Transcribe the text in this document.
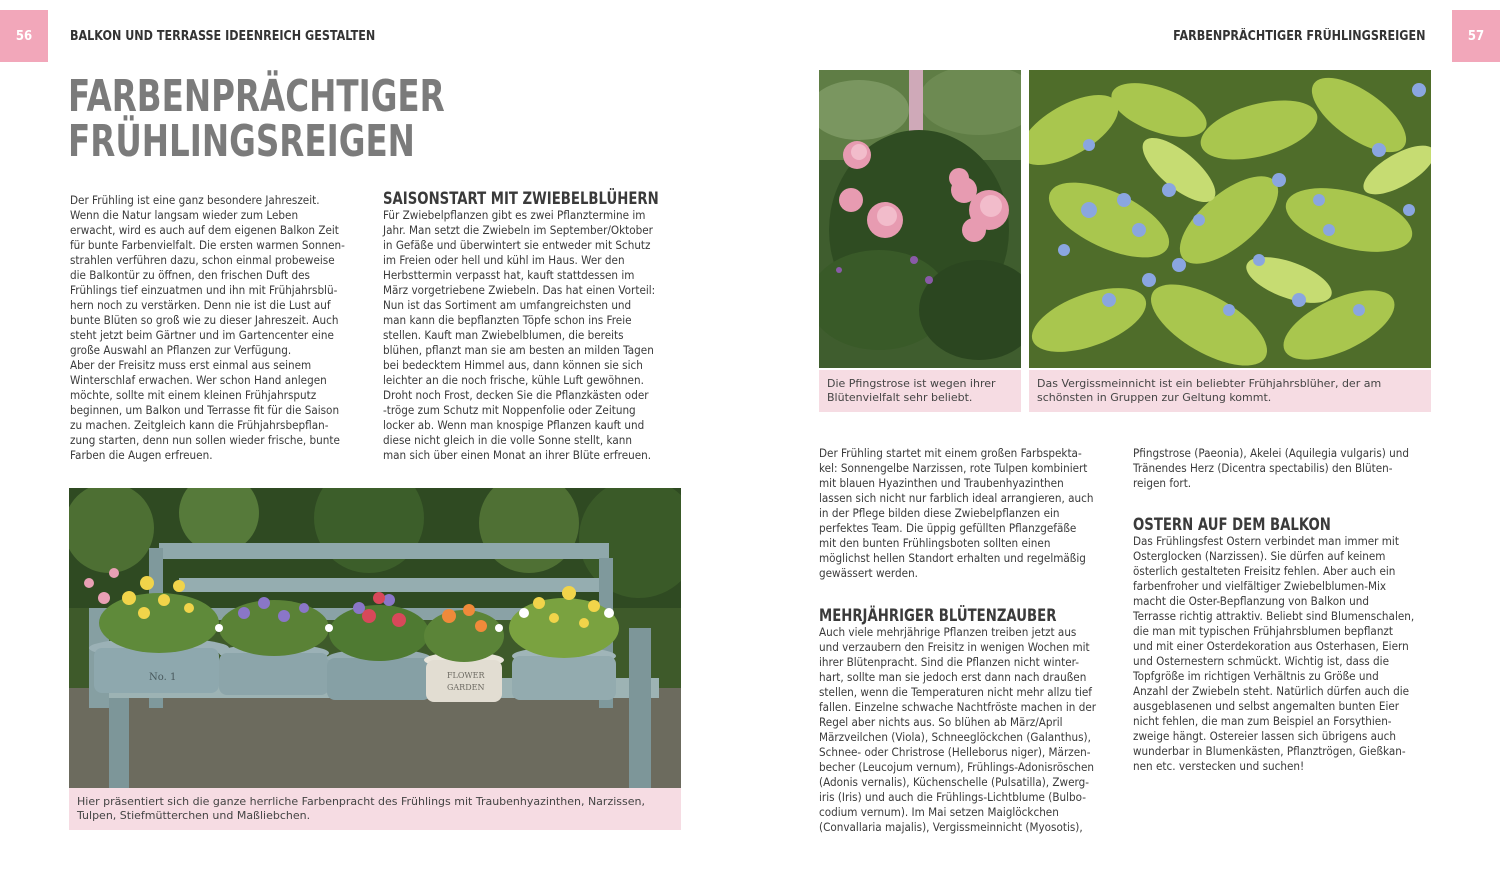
56	BALKON UND TERRASSE IDEENREICH GESTALTEN
FARBENPRÄCHTIGER
FRÜHLINGSREIGEN
Der Frühling ist eine ganz besondere Jahreszeit.
Wenn die Natur langsam wieder zum Leben
erwacht, wird es auch auf dem eigenen Balkon Zeit
für bunte Farbenvielfalt. Die ersten warmen Sonnen-
strahlen verführen dazu, schon einmal probeweise
die Balkontür zu öffnen, den frischen Duft des
Frühlings tief einzuatmen und ihn mit Frühjahrsblü-
hern noch zu verstärken. Denn nie ist die Lust auf
bunte Blüten so groß wie zu dieser Jahreszeit. Auch
steht jetzt beim Gärtner und im Gartencenter eine
große Auswahl an Pflanzen zur Verfügung.
Aber der Freisitz muss erst einmal aus seinem
Winterschlaf erwachen. Wer schon Hand anlegen
möchte, sollte mit einem kleinen Frühjahrsputz
beginnen, um Balkon und Terrasse fit für die Saison
zu machen. Zeitgleich kann die Frühjahrsbepflan-
zung starten, denn nun sollen wieder frische, bunte
Farben die Augen erfreuen.
SAISONSTART MIT ZWIEBELBLÜHERN
Für Zwiebelpflanzen gibt es zwei Pflanztermine im
Jahr. Man setzt die Zwiebeln im September/Oktober
in Gefäße und überwintert sie entweder mit Schutz
im Freien oder hell und kühl im Haus. Wer den
Herbsttermin verpasst hat, kauft stattdessen im
März vorgetriebene Zwiebeln. Das hat einen Vorteil:
Nun ist das Sortiment am umfangreichsten und
man kann die bepflanzten Töpfe schon ins Freie
stellen. Kauft man Zwiebelblumen, die bereits
blühen, pflanzt man sie am besten an milden Tagen
bei bedecktem Himmel aus, dann können sie sich
leichter an die noch frische, kühle Luft gewöhnen.
Droht noch Frost, decken Sie die Pflanzkästen oder
-tröge zum Schutz mit Noppenfolie oder Zeitung
locker ab. Wenn man knospige Pflanzen kauft und
diese nicht gleich in die volle Sonne stellt, kann
man sich über einen Monat an ihrer Blüte erfreuen.
No. 1	FLOWER
GARDEN
Hier präsentiert sich die ganze herrliche Farbenpracht des Frühlings mit Traubenhyazinthen, Narzissen, Tulpen, Stiefmütterchen und Maßliebchen.
57
FARBENPRÄCHTIGER FRÜHLINGSREIGEN
Die Pfingstrose ist wegen ihrer Blütenvielfalt sehr beliebt.
Das Vergissmeinnicht ist ein beliebter Frühjahrsblüher, der am schönsten in Gruppen zur Geltung kommt.
Der Frühling startet mit einem großen Farbspekta-
kel: Sonnengelbe Narzissen, rote Tulpen kombiniert
mit blauen Hyazinthen und Traubenhyazinthen
lassen sich nicht nur farblich ideal arrangieren, auch
in der Pflege bilden diese Zwiebelpflanzen ein
perfektes Team. Die üppig gefüllten Pflanzgefäße
mit den bunten Frühlingsboten sollten einen
möglichst hellen Standort erhalten und regelmäßig
gewässert werden.
MEHRJÄHRIGER BLÜTENZAUBER
Auch viele mehrjährige Pflanzen treiben jetzt aus
und verzaubern den Freisitz in wenigen Wochen mit
ihrer Blütenpracht. Sind die Pflanzen nicht winter-
hart, sollte man sie jedoch erst dann nach draußen
stellen, wenn die Temperaturen nicht mehr allzu tief
fallen. Einzelne schwache Nachtfröste machen in der
Regel aber nichts aus. So blühen ab März/April
Märzveilchen (Viola), Schneeglöckchen (Galanthus),
Schnee- oder Christrose (Helleborus niger), Märzen-
becher (Leucojum vernum), Frühlings-Adonisröschen
(Adonis vernalis), Küchenschelle (Pulsatilla), Zwerg-
iris (Iris) und auch die Frühlings-Lichtblume (Bulbo-
codium vernum). Im Mai setzen Maiglöckchen
(Convallaria majalis), Vergissmeinnicht (Myosotis),
Pfingstrose (Paeonia), Akelei (Aquilegia vulgaris) und
Tränendes Herz (Dicentra spectabilis) den Blüten-
reigen fort.
OSTERN AUF DEM BALKON
Das Frühlingsfest Ostern verbindet man immer mit
Osterglocken (Narzissen). Sie dürfen auf keinem
österlich gestalteten Freisitz fehlen. Aber auch ein
farbenfroher und vielfältiger Zwiebelblumen-Mix
macht die Oster-Bepflanzung von Balkon und
Terrasse richtig attraktiv. Beliebt sind Blumenschalen,
die man mit typischen Frühjahrsblumen bepflanzt
und mit einer Osterdekoration aus Osterhasen, Eiern
und Osternestern schmückt. Wichtig ist, dass die
Topfgröße im richtigen Verhältnis zu Größe und
Anzahl der Zwiebeln steht. Natürlich dürfen auch die
ausgeblasenen und selbst angemalten bunten Eier
nicht fehlen, die man zum Beispiel an Forsythien-
zweige hängt. Ostereier lassen sich übrigens auch
wunderbar in Blumenkästen, Pflanztrögen, Gießkan-
nen etc. verstecken und suchen!
